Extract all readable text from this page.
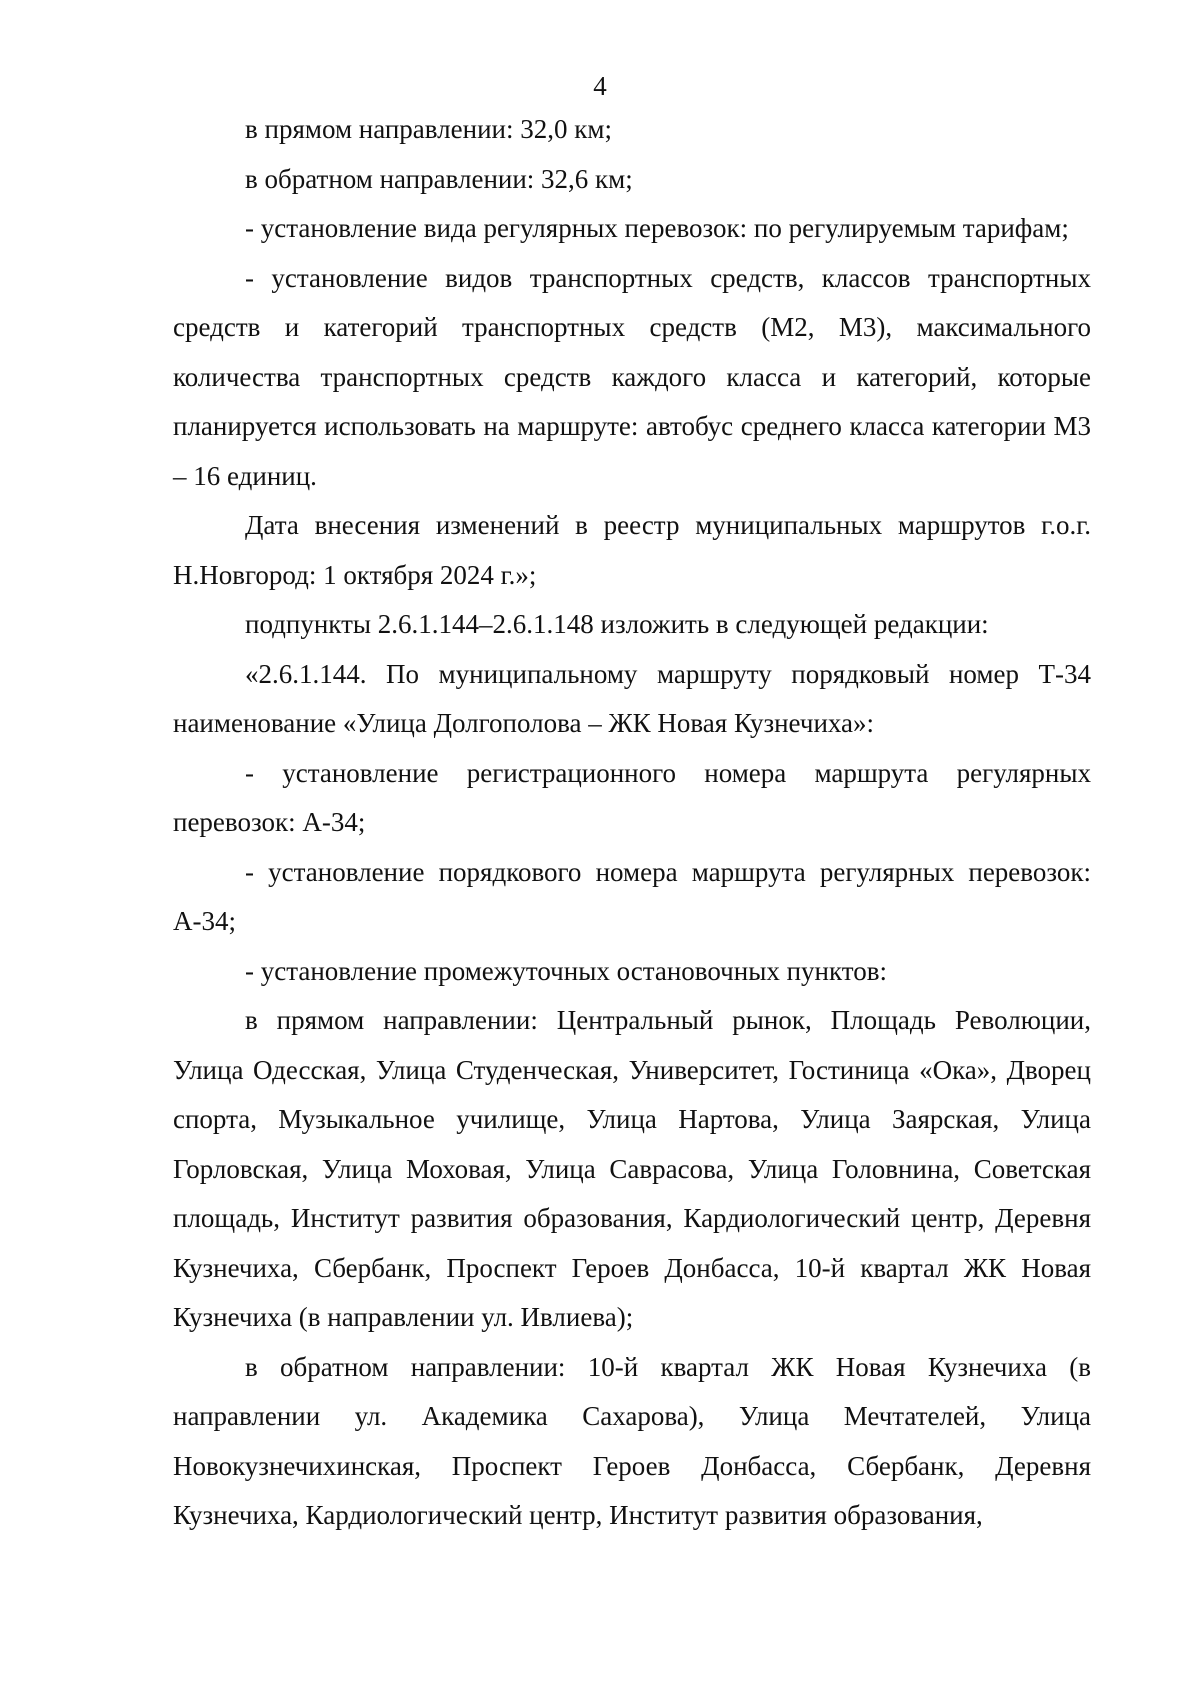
4

в прямом направлении: 32,0 км;

в обратном направлении: 32,6 км;

- установление вида регулярных перевозок: по регулируемым тарифам;

- установление видов транспортных средств, классов транспортных средств и категорий транспортных средств (М2, М3), максимального количества транспортных средств каждого класса и категорий, которые планируется использовать на маршруте: автобус среднего класса категории М3 – 16 единиц.

Дата внесения изменений в реестр муниципальных маршрутов г.о.г. Н.Новгород: 1 октября 2024 г.»;

подпункты 2.6.1.144–2.6.1.148 изложить в следующей редакции:

«2.6.1.144. По муниципальному маршруту порядковый номер Т-34 наименование «Улица Долгополова – ЖК Новая Кузнечиха»:

- установление регистрационного номера маршрута регулярных перевозок: А-34;

- установление порядкового номера маршрута регулярных перевозок: А-34;

- установление промежуточных остановочных пунктов:

в прямом направлении: Центральный рынок, Площадь Революции, Улица Одесская, Улица Студенческая, Университет, Гостиница «Ока», Дворец спорта, Музыкальное училище, Улица Нартова, Улица Заярская, Улица Горловская, Улица Моховая, Улица Саврасова, Улица Головнина, Советская площадь, Институт развития образования, Кардиологический центр, Деревня Кузнечиха, Сбербанк, Проспект Героев Донбасса, 10-й квартал ЖК Новая Кузнечиха (в направлении ул. Ивлиева);

в обратном направлении: 10-й квартал ЖК Новая Кузнечиха (в направлении ул. Академика Сахарова), Улица Мечтателей, Улица Новокузнечихинская, Проспект Героев Донбасса, Сбербанк, Деревня Кузнечиха, Кардиологический центр, Институт развития образования,
